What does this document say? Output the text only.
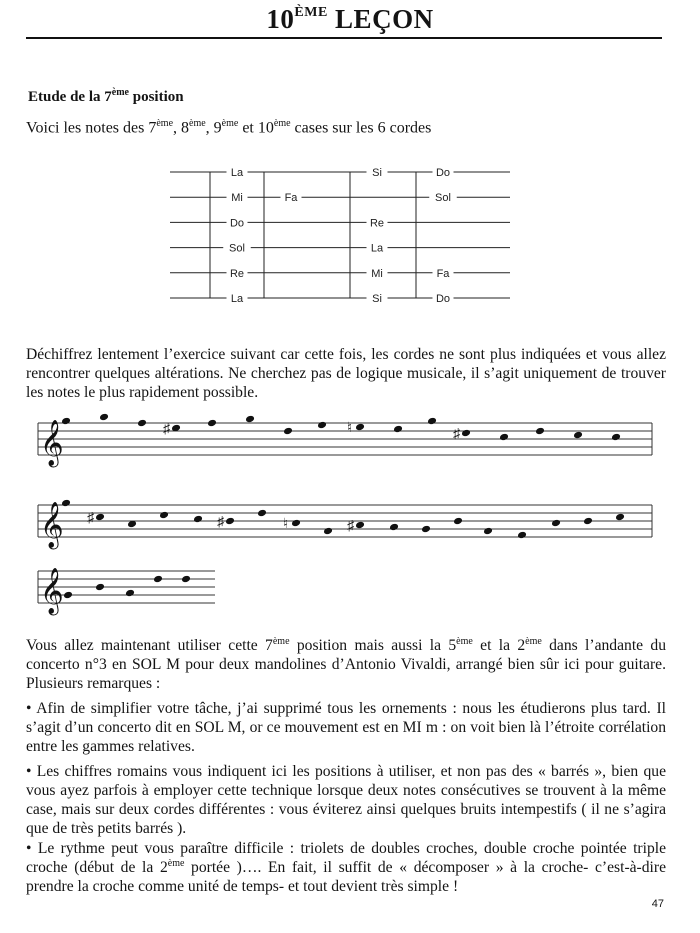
10ÈME LEÇON
Etude de la 7ème position
Voici les notes des 7ème, 8ème, 9ème et 10ème cases sur les 6 cordes
La	Si	Do
Mi	Fa	Sol
Do	Re
Sol	La
Re	Mi	Fa
La	Si	Do

Déchiffrez lentement l’exercice suivant car cette fois, les cordes ne sont plus indiquées et vous allez rencontrer quelques altérations. Ne cherchez pas de logique musicale, il s’agit uniquement de trouver les notes le plus rapidement possible.

𝄞
𝄞
𝄞
♯	♮	♯
♯	♯	♮	♯

Vous allez maintenant utiliser cette 7ème position mais aussi la 5ème et la 2ème dans l’andante du concerto n°3 en SOL M pour deux mandolines d’Antonio Vivaldi, arrangé bien sûr ici pour guitare. Plusieurs remarques :

• Afin de simplifier votre tâche, j’ai supprimé tous les ornements : nous les étudierons plus tard. Il s’agit d’un concerto dit en SOL M, or ce mouvement est en MI m : on voit bien là l’étroite corrélation entre les gammes relatives.

• Les chiffres romains vous indiquent ici les positions à utiliser, et non pas des « barrés », bien que vous ayez parfois à employer cette technique lorsque deux notes consécutives se trouvent à la même case, mais sur deux cordes différentes : vous éviterez ainsi quelques bruits intempestifs ( il ne s’agira que de très petits barrés ).

• Le rythme peut vous paraître difficile : triolets de doubles croches, double croche pointée triple croche (début de la 2ème portée )…. En fait, il suffit de « décomposer » à la croche- c’est-à-dire prendre la croche comme unité de temps- et tout devient très simple !

47
